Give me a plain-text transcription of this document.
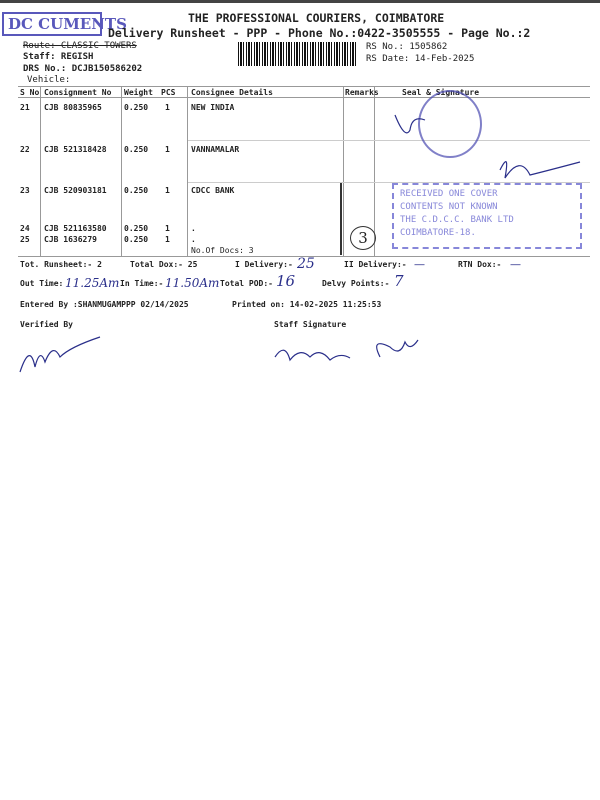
DC CUMENTS	THE PROFESSIONAL COURIERS, COIMBATORE
Delivery Runsheet - PPP - Phone No.:0422-3505555 - Page No.:2
Route: CLASSIC TOWERS
Staff: REGISH
DRS No.: DCJB150586202
Vehicle:
RS No.: 1505862
RS Date: 14-Feb-2025
S No Consignment No Weight PCS Consignee Details	Remarks	Seal & Signature
21 CJB 80835965	0.250 1	NEW INDIA
22 CJB 521318428 0.250 1	VANNAMALAR
23 CJB 520903181 0.250 1	CDCC BANK
24 CJB 521163580 0.250 1	.
25 CJB 1636279	0.250 1	.
No.Of Docs: 3
3
RECEIVED ONE COVER
CONTENTS NOT KNOWN
THE C.D.C.C. BANK LTD
COIMBATORE-18.
Tot. Runsheet:- 2	Total Dox:- 25	I Delivery:- 25	II Delivery:- —	RTN Dox:- —
Out Time: 11.25Am In Time:- 11.50Am Total POD:- 16	Delvy Points:- 7
Entered By :SHANMUGAMPPP 02/14/2025	Printed on: 14-02-2025 11:25:53
Verified By	Staff Signature
